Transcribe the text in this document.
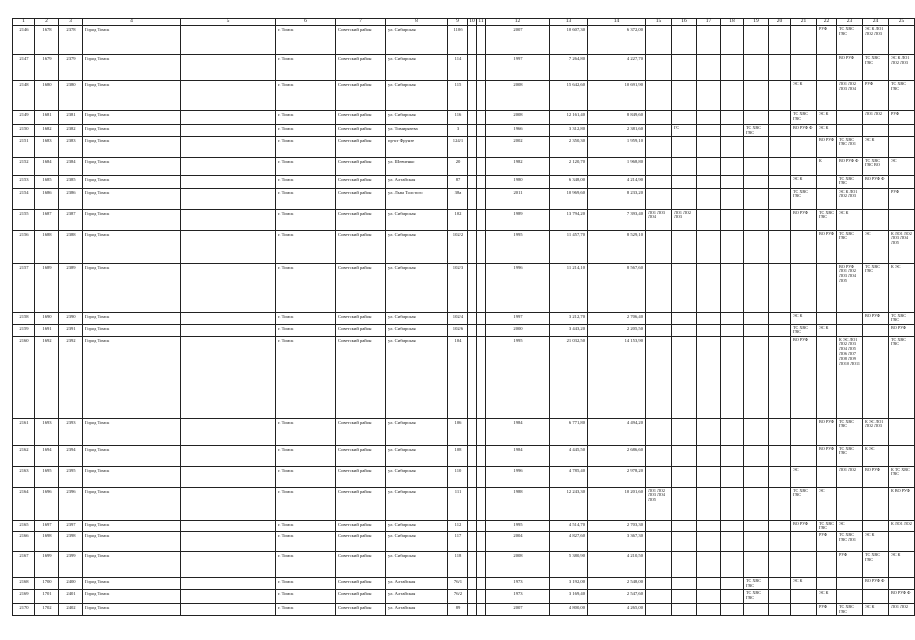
1	2	3	4	5	6	7	8	9	10	11	12	13	14	15	16	17	18	19	20	21	22	23	24	25
2146	1678	2378	Город Томск		г. Томск	Советский район	ул. Сибирская	110б			2007	10 607,30	6 372,00								РУФ	ТС ХВС ГВС	ЭС К ЛО1 ЛО2 ЛО3	
2147	1679	2379	Город Томск		г. Томск	Советский район	ул. Сибирская	114			1997	7 264,80	4 227,70									ВО РУФ	ТС ХВС ГВС	ЭС К ЛО1 ЛО2 ЛО3
2148	1680	2380	Город Томск		г. Томск	Советский район	ул. Сибирская	115			2008	15 642,60	10 691,90							ЭС К		ЛО1 ЛО2 ЛО3 ЛО4	РУФ	ТС ХВС ГВС
2149	1681	2381	Город Томск		г. Томск	Советский район	ул. Сибирская	116			2008	12 161,40	8 849,60							ТС ХВС ГВС	ЭС К		ЛО1 ЛО2	РУФ
2150	1682	2382	Город Томск		г. Томск	Советский район	ул. Тимирязева	3			1966	3 312,80	2 381,60		ГС			ТС ХВС ГВС		ВО РУФ Ф	ЭС К			
2151	1683	2383	Город Томск		г. Томск	Советский район	пр-кт Фрунзе	124/1			2002	2 350,30	1 959,10								ВО РУФ	ТС ХВС ГВС ЛО1	ЭС К	
2152	1684	2384	Город Томск		г. Томск	Советский район	ул. Шевченко	20			1982	2 120,70	1 968,80								К	ВО РУФ Ф	ТС ХВС ГВС ВО	ЭС
2153	1685	2385	Город Томск		г. Томск	Советский район	ул. Алтайская	87			1980	6 348,00	4 214,90							ЭС К		ТС ХВС ГВС	ВО РУФ Ф	
2154	1686	2386	Город Томск		г. Томск	Советский район	ул. Льва Толстого	38а			2011	10 969,60	8 233,20							ТС ХВС ГВС		ЭС К ЛО1 ЛО2 ЛО3		РУФ
2155	1687	2387	Город Томск		г. Томск	Советский район	ул. Сибирская	102			1989	13 794,20	7 393,40	ЛО1 ЛО3 ЛО4	ЛО1 ЛО2 ЛО3					ВО РУФ	ТС ХВС ГВС	ЭС К		
2156	1688	2388	Город Томск		г. Томск	Советский район	ул. Сибирская	102/2			1995	11 457,70	8 529,10								ВО РУФ	ТС ХВС ГВС	ЭС	К ЛО1 ЛО2 ЛО3 ЛО4 ЛО5
2157	1689	2389	Город Томск		г. Томск	Советский район	ул. Сибирская	102/3			1996	11 214,10	8 567,60									ВО РУФ ЛО1 ЛО2 ЛО3 ЛО4 ЛО5	ТС ХВС ГВС	К ЭС
2158	1690	2390	Город Томск		г. Томск	Советский район	ул. Сибирская	102/4			1997	3 212,70	2 706,40							ЭС К			ВО РУФ	ТС ХВС ГВС
2159	1691	2391	Город Томск		г. Томск	Советский район	ул. Сибирская	102/6			2000	3 443,20	2 205,50							ТС ХВС ГВС	ЭС К			ВО РУФ
2160	1692	2392	Город Томск		г. Томск	Советский район	ул. Сибирская	104			1995	21 032,50	14 153,90							ВО РУФ		К ЭС ЛО1 ЛО2 ЛО3 ЛО4 ЛО5 ЛО6 ЛО7 ЛО8 ЛО9 ЛО10 ЛО11		ТС ХВС ГВС
2161	1693	2393	Город Томск		г. Томск	Советский район	ул. Сибирская	106			1984	6 771,80	4 494,20								ВО РУФ	ТС ХВС ГВС	К ЭС ЛО1 ЛО2 ЛО3	
2162	1694	2394	Город Томск		г. Томск	Советский район	ул. Сибирская	108			1984	4 445,50	2 686,60								ВО РУФ	ТС ХВС ГВС	К ЭС	
2163	1695	2395	Город Томск		г. Томск	Советский район	ул. Сибирская	110			1996	4 785,40	2 978,20							ЭС		ЛО1 ЛО2	ВО РУФ	К ТС ХВС ГВС
2164	1696	2396	Город Томск		г. Томск	Советский район	ул. Сибирская	111			1988	12 243,30	10 201,60	ЛО1 ЛО2 ЛО3 ЛО4 ЛО5						ТС ХВС ГВС	ЭС			К ВО РУФ
2165	1697	2397	Город Томск		г. Томск	Советский район	ул. Сибирская	112			1995	4 514,70	2 703,30							ВО РУФ	ТС ХВС ГВС	ЭС		К ЛО1 ЛО2
2166	1698	2398	Город Томск		г. Томск	Советский район	ул. Сибирская	117			2004	4 827,60	3 367,30								РУФ	ТС ХВС ГВС ЛО1	ЭС К	
2167	1699	2399	Город Томск		г. Томск	Советский район	ул. Сибирская	118			2008	5 380,90	4 210,50									РУФ	ТС ХВС ГВС	ЭС К
2168	1700	2400	Город Томск		г. Томск	Советский район	ул. Алтайская	76/1			1973	3 192,00	2 548,00					ТС ХВС ГВС		ЭС К			ВО РУФ Ф	
2169	1701	2401	Город Томск		г. Томск	Советский район	ул. Алтайская	76/2			1973	3 169,40	2 547,60					ТС ХВС ГВС			ЭС К			ВО РУФ Ф
2170	1702	2402	Город Томск		г. Томск	Советский район	ул. Алтайская	89			2007	4 800,00	4 265,00								РУФ	ТС ХВС ГВС	ЭС К	ЛО1 ЛО2
